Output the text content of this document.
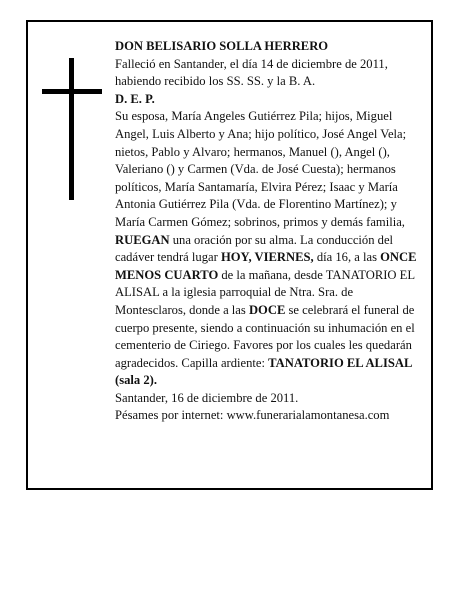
DON BELISARIO SOLLA HERRERO

Falleció en Santander, el día 14 de diciembre de 2011, habiendo recibido los SS. SS. y la B. A.

D. E. P.

Su esposa, María Angeles Gutiérrez Pila; hijos, Miguel Angel, Luis Alberto y Ana; hijo político, José Angel Vela; nietos, Pablo y Alvaro; hermanos, Manuel (), Angel (), Valeriano () y Carmen (Vda. de José Cuesta); hermanos políticos, María Santamaría, Elvira Pérez; Isaac y María Antonia Gutiérrez Pila (Vda. de Florentino Martínez); y María Carmen Gómez; sobrinos, primos y demás familia,

RUEGAN una oración por su alma. La conducción del cadáver tendrá lugar HOY, VIERNES, día 16, a las ONCE MENOS CUARTO de la mañana, desde TANATORIO EL ALISAL a la iglesia parroquial de Ntra. Sra. de Montesclaros, donde a las DOCE se celebrará el funeral de cuerpo presente, siendo a continuación su inhumación en el cementerio de Ciriego. Favores por los cuales les quedarán agradecidos. Capilla ardiente: TANATORIO EL ALISAL (sala 2).

Santander, 16 de diciembre de 2011.

Pésames por internet: www.funerarialamontanesa.com
